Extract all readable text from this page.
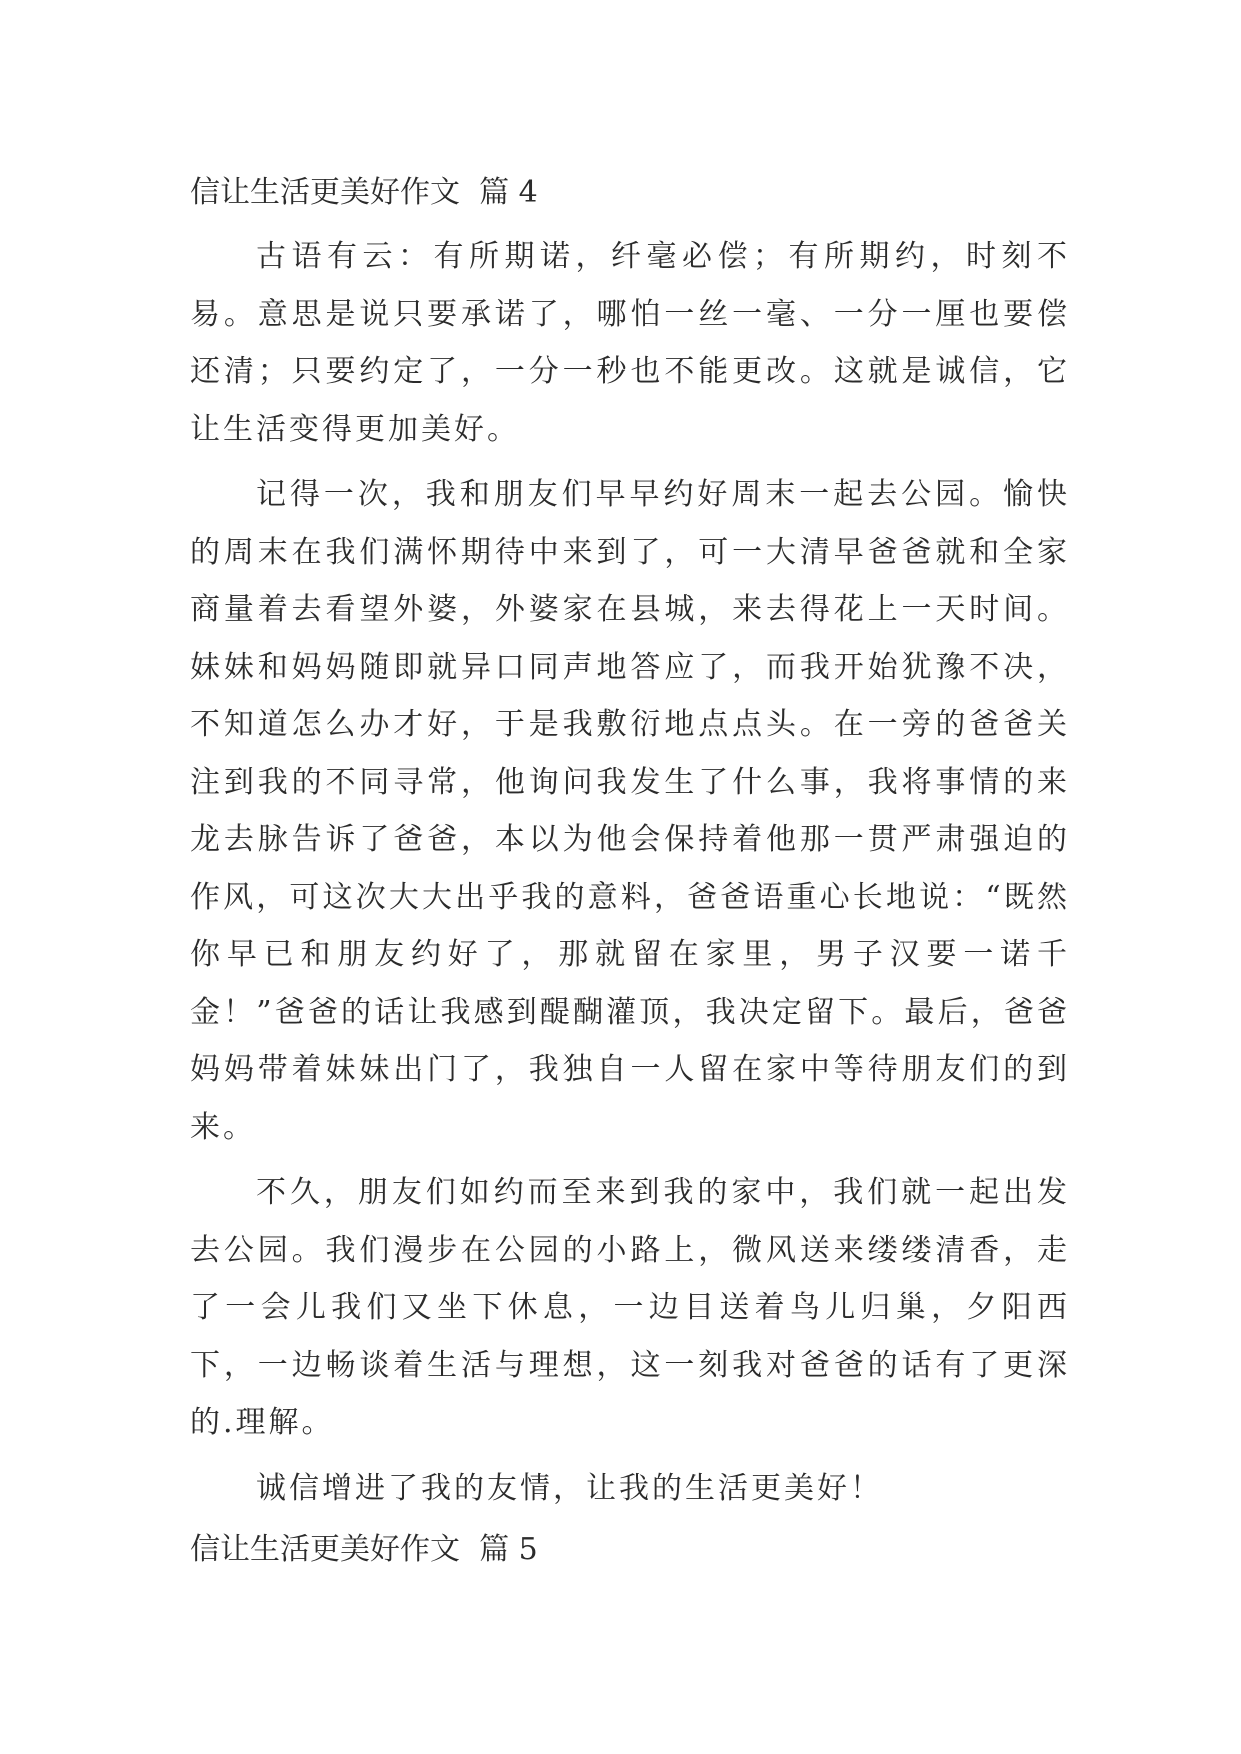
信让生活更美好作文  篇 4

古语有云：有所期诺，纤毫必偿；有所期约，时刻不易。意思是说只要承诺了，哪怕一丝一毫、一分一厘也要偿还清；只要约定了，一分一秒也不能更改。这就是诚信，它让生活变得更加美好。

记得一次，我和朋友们早早约好周末一起去公园。愉快的周末在我们满怀期待中来到了，可一大清早爸爸就和全家商量着去看望外婆，外婆家在县城，来去得花上一天时间。妹妹和妈妈随即就异口同声地答应了，而我开始犹豫不决，不知道怎么办才好，于是我敷衍地点点头。在一旁的爸爸关注到我的不同寻常，他询问我发生了什么事，我将事情的来龙去脉告诉了爸爸，本以为他会保持着他那一贯严肃强迫的作风，可这次大大出乎我的意料，爸爸语重心长地说：“既然你早已和朋友约好了，那就留在家里，男子汉要一诺千金！”爸爸的话让我感到醍醐灌顶，我决定留下。最后，爸爸妈妈带着妹妹出门了，我独自一人留在家中等待朋友们的到来。

不久，朋友们如约而至来到我的家中，我们就一起出发去公园。我们漫步在公园的小路上，微风送来缕缕清香，走了一会儿我们又坐下休息，一边目送着鸟儿归巢，夕阳西下，一边畅谈着生活与理想，这一刻我对爸爸的话有了更深的.理解。

诚信增进了我的友情，让我的生活更美好！

信让生活更美好作文  篇 5
